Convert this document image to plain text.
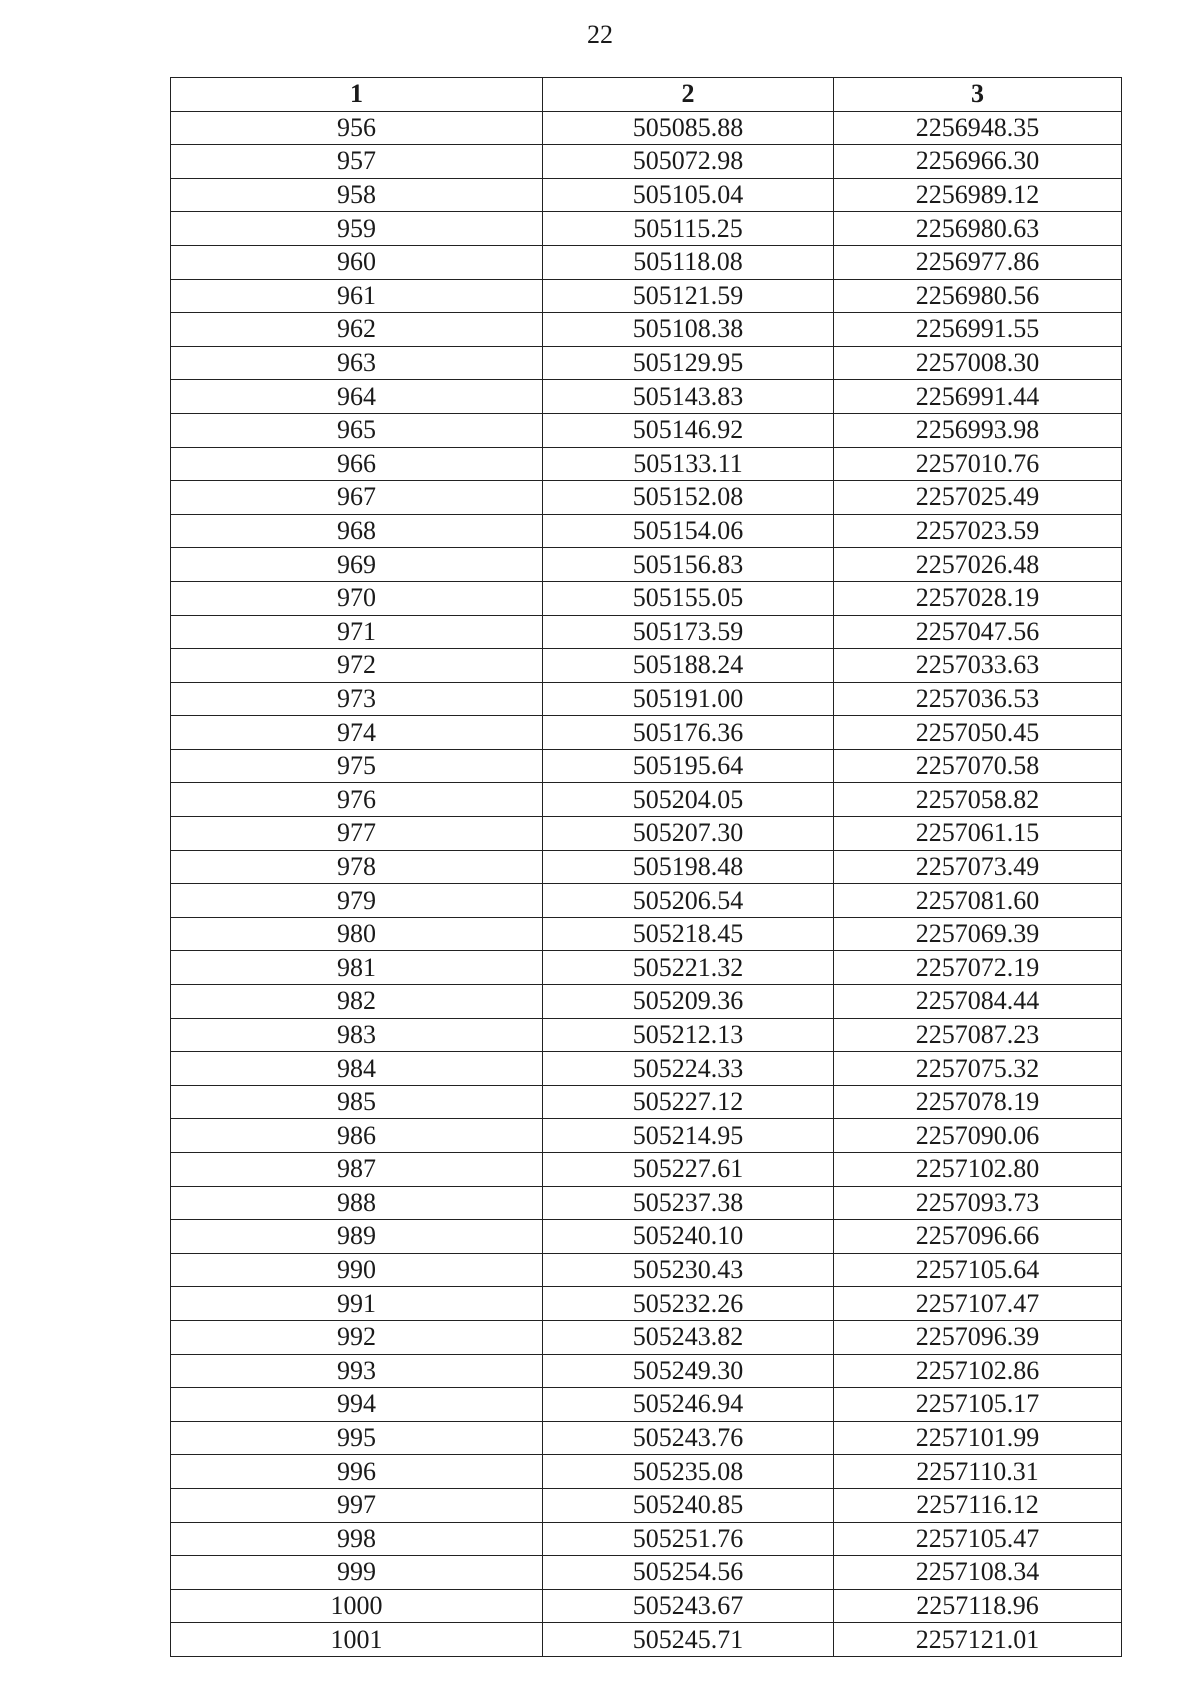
22
1	2	3
956	505085.88	2256948.35
957	505072.98	2256966.30
958	505105.04	2256989.12
959	505115.25	2256980.63
960	505118.08	2256977.86
961	505121.59	2256980.56
962	505108.38	2256991.55
963	505129.95	2257008.30
964	505143.83	2256991.44
965	505146.92	2256993.98
966	505133.11	2257010.76
967	505152.08	2257025.49
968	505154.06	2257023.59
969	505156.83	2257026.48
970	505155.05	2257028.19
971	505173.59	2257047.56
972	505188.24	2257033.63
973	505191.00	2257036.53
974	505176.36	2257050.45
975	505195.64	2257070.58
976	505204.05	2257058.82
977	505207.30	2257061.15
978	505198.48	2257073.49
979	505206.54	2257081.60
980	505218.45	2257069.39
981	505221.32	2257072.19
982	505209.36	2257084.44
983	505212.13	2257087.23
984	505224.33	2257075.32
985	505227.12	2257078.19
986	505214.95	2257090.06
987	505227.61	2257102.80
988	505237.38	2257093.73
989	505240.10	2257096.66
990	505230.43	2257105.64
991	505232.26	2257107.47
992	505243.82	2257096.39
993	505249.30	2257102.86
994	505246.94	2257105.17
995	505243.76	2257101.99
996	505235.08	2257110.31
997	505240.85	2257116.12
998	505251.76	2257105.47
999	505254.56	2257108.34
1000	505243.67	2257118.96
1001	505245.71	2257121.01
